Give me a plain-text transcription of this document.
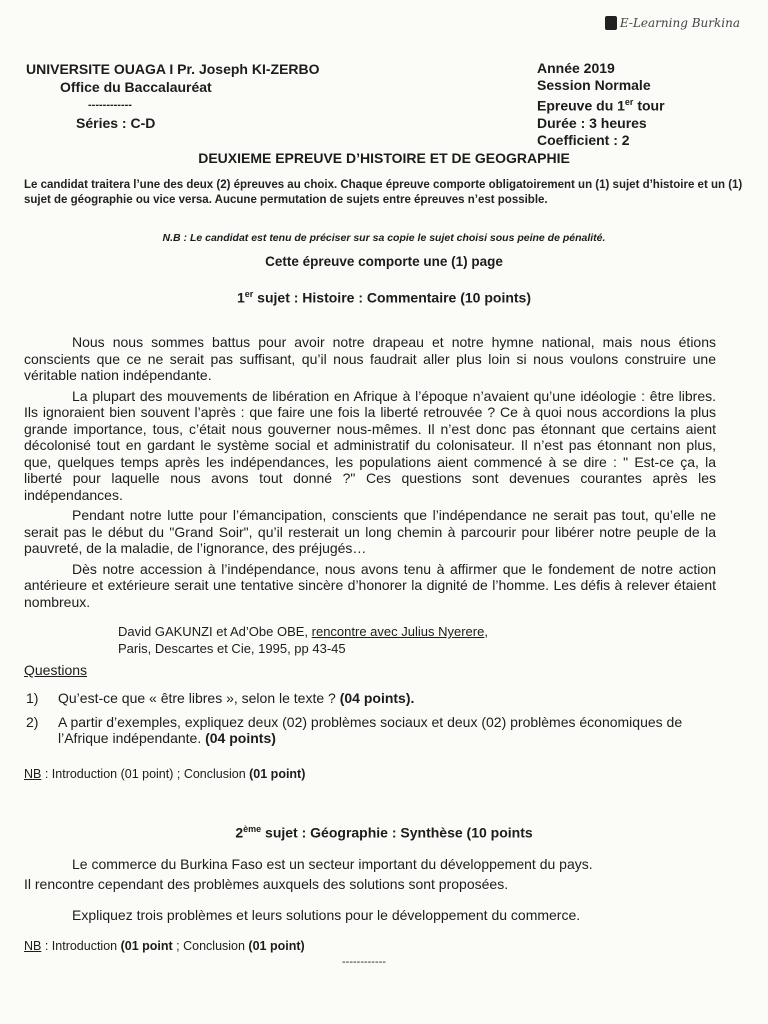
E-Learning Burkina
UNIVERSITE OUAGA I Pr. Joseph KI-ZERBO
Office du Baccalauréat
------------
Séries : C-D
Année 2019
Session Normale
Epreuve du 1er tour
Durée : 3 heures
Coefficient : 2
DEUXIEME EPREUVE D’HISTOIRE ET DE GEOGRAPHIE
Le candidat traitera l’une des deux (2) épreuves au choix. Chaque épreuve comporte obligatoirement un (1) sujet d’histoire et un (1) sujet de géographie ou vice versa. Aucune permutation de sujets entre épreuves n’est possible.
N.B : Le candidat est tenu de préciser sur sa copie le sujet choisi sous peine de pénalité.
Cette épreuve comporte une (1) page
1er sujet : Histoire : Commentaire (10 points)

Nous nous sommes battus pour avoir notre drapeau et notre hymne national, mais nous étions conscients que ce ne serait pas suffisant, qu’il nous faudrait aller plus loin si nous voulons construire une véritable nation indépendante.

La plupart des mouvements de libération en Afrique à l’époque n’avaient qu’une idéologie : être libres. Ils ignoraient bien souvent l’après : que faire une fois la liberté retrouvée ? Ce à quoi nous accordions la plus grande importance, tous, c’était nous gouverner nous-mêmes. Il n’est donc pas étonnant que certains aient décolonisé tout en gardant le système social et administratif du colonisateur. Il n’est pas étonnant non plus, que, quelques temps après les indépendances, les populations aient commencé à se dire : " Est-ce ça, la liberté pour laquelle nous avons tout donné ?" Ces questions sont devenues courantes après les indépendances.

Pendant notre lutte pour l’émancipation, conscients que l’indépendance ne serait pas tout, qu’elle ne serait pas le début du "Grand Soir", qu’il resterait un long chemin à parcourir pour libérer notre peuple de la pauvreté, de la maladie, de l’ignorance, des préjugés…

Dès notre accession à l’indépendance, nous avons tenu à affirmer que le fondement de notre action antérieure et extérieure serait une tentative sincère d’honorer la dignité de l’homme. Les défis à relever étaient nombreux.

David GAKUNZI et Ad’Obe OBE, rencontre avec Julius Nyerere,
Paris, Descartes et Cie, 1995, pp 43-45
Questions
1)	Qu’est-ce que « être libres », selon le texte ? (04 points).
2)	A partir d’exemples, expliquez deux (02) problèmes sociaux et deux (02) problèmes économiques de l’Afrique indépendante. (04 points)
NB : Introduction (01 point) ; Conclusion (01 point)
2ème sujet : Géographie : Synthèse (10 points
Le commerce du Burkina Faso est un secteur important du développement du pays.
Il rencontre cependant des problèmes auxquels des solutions sont proposées.
Expliquez trois problèmes et leurs solutions pour le développement du commerce.
NB : Introduction (01 point ; Conclusion (01 point)
------------
